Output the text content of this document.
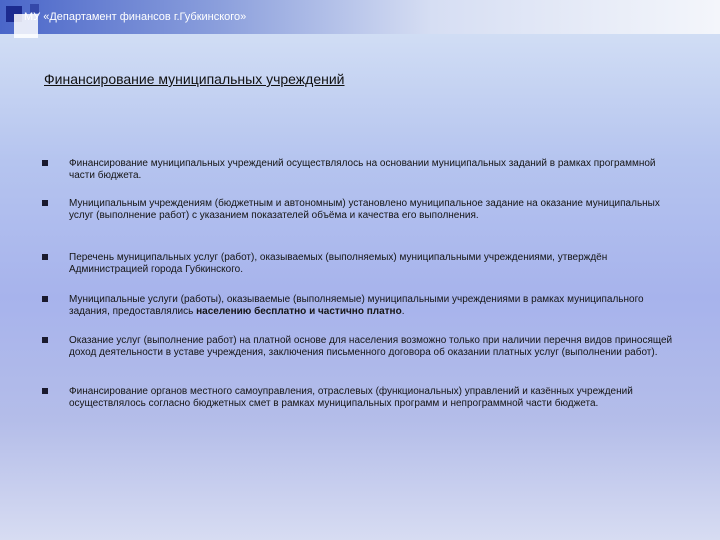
МУ «Департамент финансов г.Губкинского»
Финансирование муниципальных учреждений
Финансирование муниципальных учреждений осуществлялось на основании муниципальных заданий в рамках программной части бюджета.
Муниципальным учреждениям (бюджетным и автономным) установлено муниципальное задание на оказание муниципальных услуг (выполнение работ) с указанием показателей объёма и качества его выполнения.
Перечень муниципальных услуг (работ), оказываемых (выполняемых) муниципальными учреждениями, утверждён Администрацией города Губкинского.
Муниципальные услуги (работы), оказываемые (выполняемые) муниципальными учреждениями в рамках муниципального задания, предоставлялись населению бесплатно и частично платно.
Оказание услуг (выполнение работ) на платной основе для населения возможно только при наличии перечня видов приносящей доход деятельности в уставе учреждения, заключения письменного договора об оказании платных услуг (выполнении работ).
Финансирование органов местного самоуправления, отраслевых (функциональных) управлений и казённых учреждений осуществлялось согласно бюджетных смет в рамках муниципальных программ и непрограммной части бюджета.
